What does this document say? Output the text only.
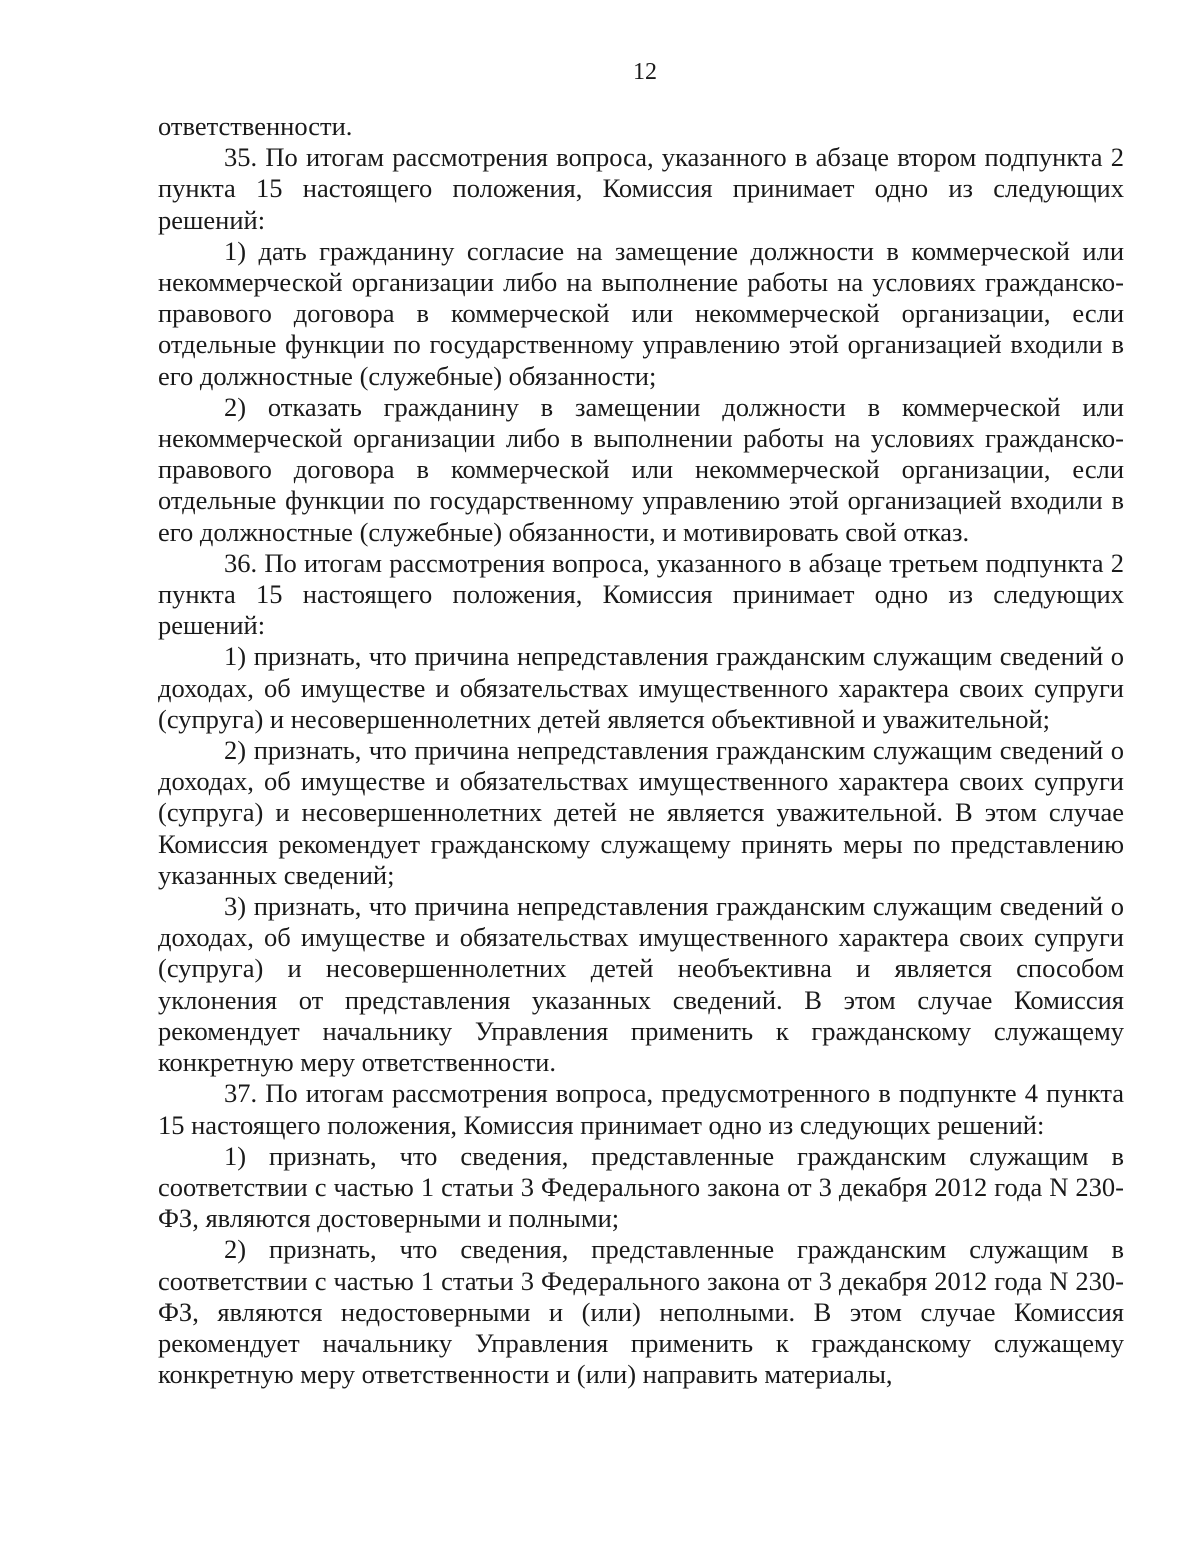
12

ответственности.

35. По итогам рассмотрения вопроса, указанного в абзаце втором подпункта 2 пункта 15 настоящего положения, Комиссия принимает одно из следующих решений:

1) дать гражданину согласие на замещение должности в коммерческой или некоммерческой организации либо на выполнение работы на условиях гражданско-правового договора в коммерческой или некоммерческой организации, если отдельные функции по государственному управлению этой организацией входили в его должностные (служебные) обязанности;

2) отказать гражданину в замещении должности в коммерческой или некоммерческой организации либо в выполнении работы на условиях гражданско-правового договора в коммерческой или некоммерческой организации, если отдельные функции по государственному управлению этой организацией входили в его должностные (служебные) обязанности, и мотивировать свой отказ.

36. По итогам рассмотрения вопроса, указанного в абзаце третьем подпункта 2 пункта 15 настоящего положения, Комиссия принимает одно из следующих решений:

1) признать, что причина непредставления гражданским служащим сведений о доходах, об имуществе и обязательствах имущественного характера своих супруги (супруга) и несовершеннолетних детей является объективной и уважительной;

2) признать, что причина непредставления гражданским служащим сведений о доходах, об имуществе и обязательствах имущественного характера своих супруги (супруга) и несовершеннолетних детей не является уважительной. В этом случае Комиссия рекомендует гражданскому служащему принять меры по представлению указанных сведений;

3) признать, что причина непредставления гражданским служащим сведений о доходах, об имуществе и обязательствах имущественного характера своих супруги (супруга) и несовершеннолетних детей необъективна и является способом уклонения от представления указанных сведений. В этом случае Комиссия рекомендует начальнику Управления применить к гражданскому служащему конкретную меру ответственности.

37. По итогам рассмотрения вопроса, предусмотренного в подпункте 4 пункта 15 настоящего положения, Комиссия принимает одно из следующих решений:

1) признать, что сведения, представленные гражданским служащим в соответствии с частью 1 статьи 3 Федерального закона от 3 декабря 2012 года N 230-ФЗ, являются достоверными и полными;

2) признать, что сведения, представленные гражданским служащим в соответствии с частью 1 статьи 3 Федерального закона от 3 декабря 2012 года N 230-ФЗ, являются недостоверными и (или) неполными. В этом случае Комиссия рекомендует начальнику Управления применить к гражданскому служащему конкретную меру ответственности и (или) направить материалы,
